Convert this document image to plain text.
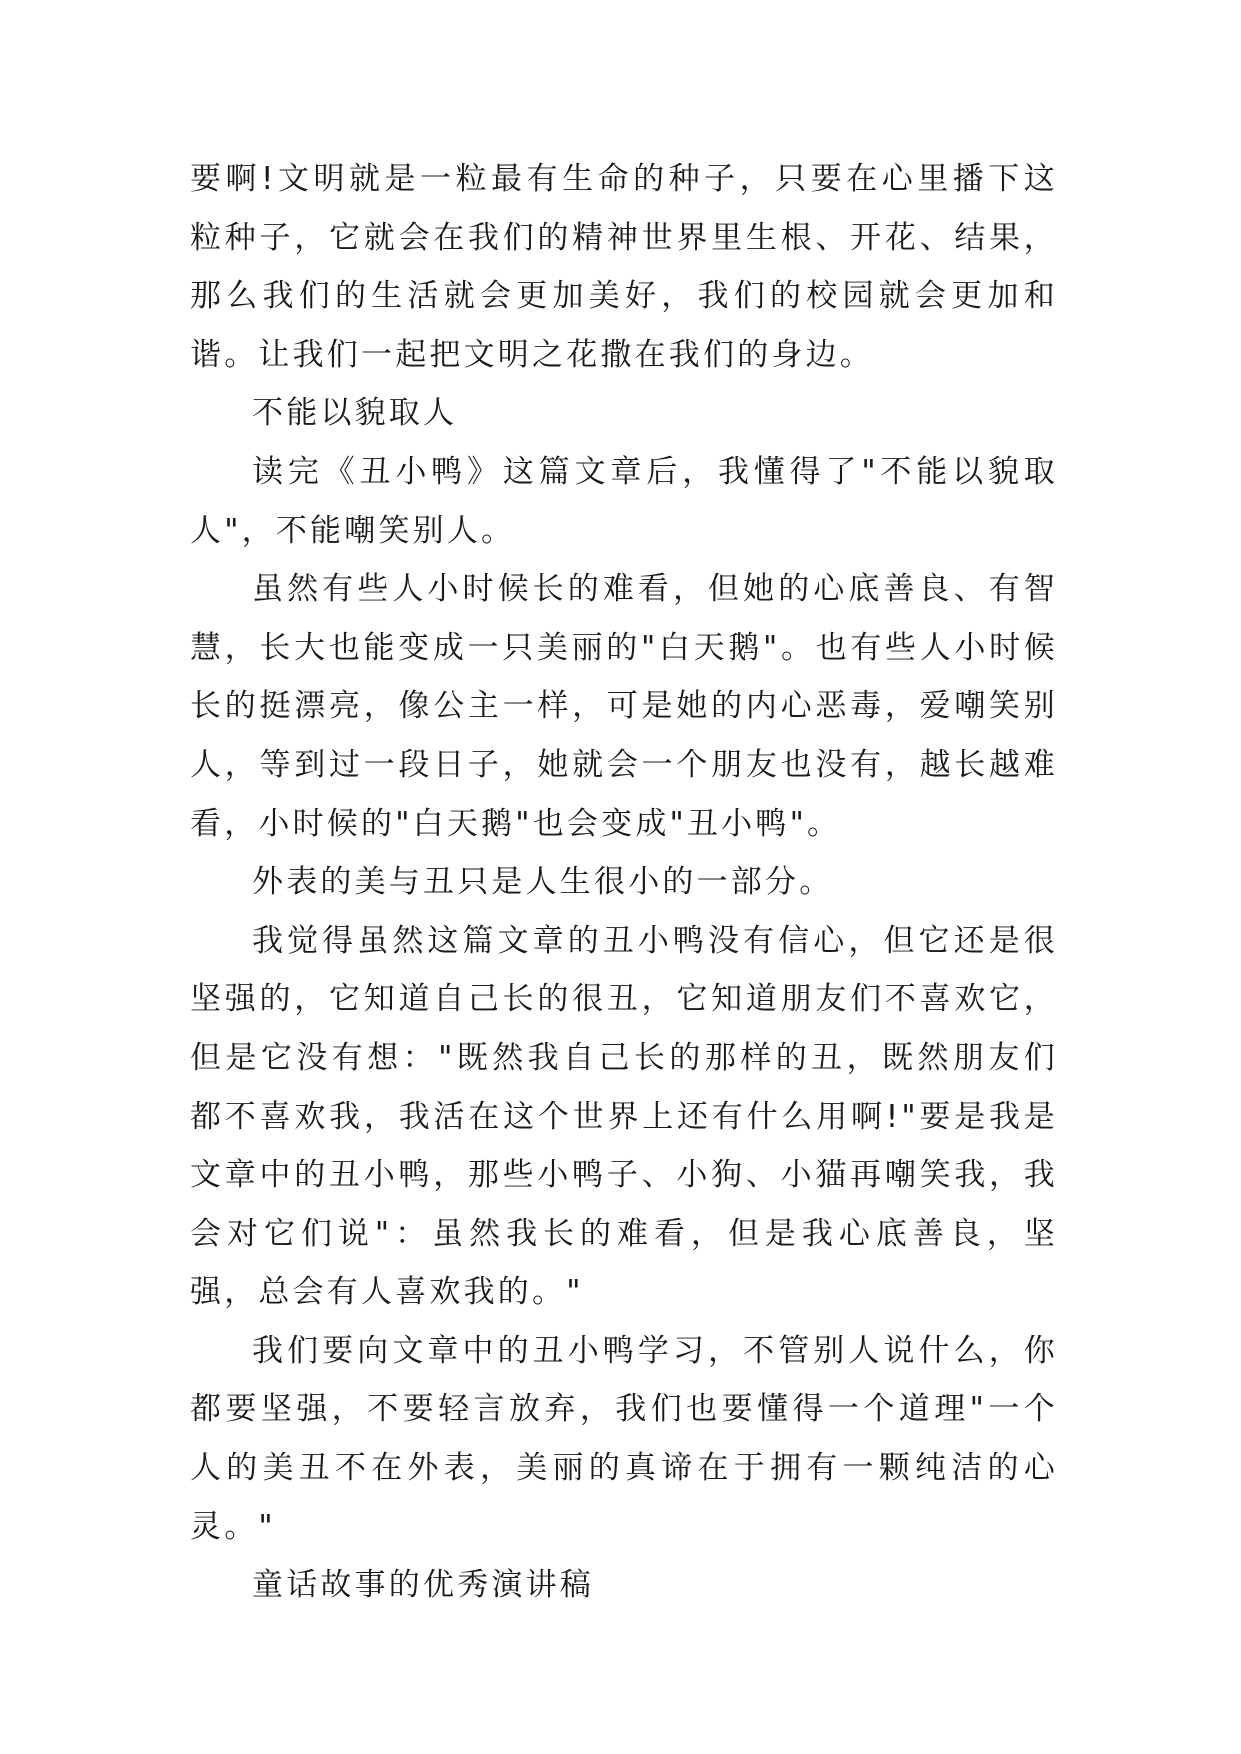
要啊!文明就是一粒最有生命的种子，只要在心里播下这粒种子，它就会在我们的精神世界里生根、开花、结果，那么我们的生活就会更加美好，我们的校园就会更加和谐。让我们一起把文明之花撒在我们的身边。

不能以貌取人

读完《丑小鸭》这篇文章后，我懂得了"不能以貌取人"，不能嘲笑别人。

虽然有些人小时候长的难看，但她的心底善良、有智慧，长大也能变成一只美丽的"白天鹅"。也有些人小时候长的挺漂亮，像公主一样，可是她的内心恶毒，爱嘲笑别人，等到过一段日子，她就会一个朋友也没有，越长越难看，小时候的"白天鹅"也会变成"丑小鸭"。

外表的美与丑只是人生很小的一部分。

我觉得虽然这篇文章的丑小鸭没有信心，但它还是很坚强的，它知道自己长的很丑，它知道朋友们不喜欢它，但是它没有想："既然我自己长的那样的丑，既然朋友们都不喜欢我，我活在这个世界上还有什么用啊!"要是我是文章中的丑小鸭，那些小鸭子、小狗、小猫再嘲笑我，我会对它们说"：虽然我长的难看，但是我心底善良，坚强，总会有人喜欢我的。"

我们要向文章中的丑小鸭学习，不管别人说什么，你都要坚强，不要轻言放弃，我们也要懂得一个道理"一个人的美丑不在外表，美丽的真谛在于拥有一颗纯洁的心灵。"

童话故事的优秀演讲稿
